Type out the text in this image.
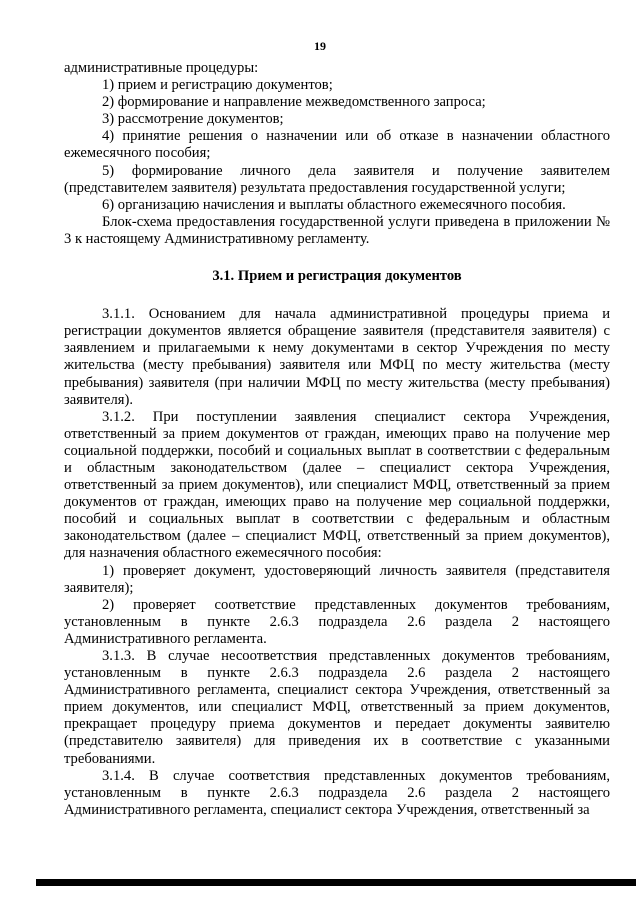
19

административные процедуры:

1) прием и регистрацию документов;

2) формирование и направление межведомственного запроса;

3) рассмотрение документов;

4) принятие решения о назначении или об отказе в назначении областного ежемесячного пособия;

5) формирование личного дела заявителя и получение заявителем (представителем заявителя) результата предоставления государственной услуги;

6) организацию начисления и выплаты областного ежемесячного пособия.

Блок-схема предоставления государственной услуги приведена в приложении № 3 к настоящему Административному регламенту.

3.1. Прием и регистрация документов

3.1.1. Основанием для начала административной процедуры приема и регистрации документов является обращение заявителя (представителя заявителя) с заявлением и прилагаемыми к нему документами в сектор Учреждения по месту жительства (месту пребывания) заявителя или МФЦ по месту жительства (месту пребывания) заявителя (при наличии МФЦ по месту жительства (месту пребывания) заявителя).

3.1.2. При поступлении заявления специалист сектора Учреждения, ответственный за прием документов от граждан, имеющих право на получение мер социальной поддержки, пособий и социальных выплат в соответствии с федеральным и областным законодательством (далее – специалист сектора Учреждения, ответственный за прием документов), или специалист МФЦ, ответственный за прием документов от граждан, имеющих право на получение мер социальной поддержки, пособий и социальных выплат в соответствии с федеральным и областным законодательством (далее – специалист МФЦ, ответственный за прием документов), для назначения областного ежемесячного пособия:

1) проверяет документ, удостоверяющий личность заявителя (представителя заявителя);

2) проверяет соответствие представленных документов требованиям, установленным в пункте 2.6.3 подраздела 2.6 раздела 2 настоящего Административного регламента.

3.1.3. В случае несоответствия представленных документов требованиям, установленным в пункте 2.6.3 подраздела 2.6 раздела 2 настоящего Административного регламента, специалист сектора Учреждения, ответственный за прием документов, или специалист МФЦ, ответственный за прием документов, прекращает процедуру приема документов и передает документы заявителю (представителю заявителя) для приведения их в соответствие с указанными требованиями.

3.1.4. В случае соответствия представленных документов требованиям, установленным в пункте 2.6.3 подраздела 2.6 раздела 2 настоящего Административного регламента, специалист сектора Учреждения, ответственный за
